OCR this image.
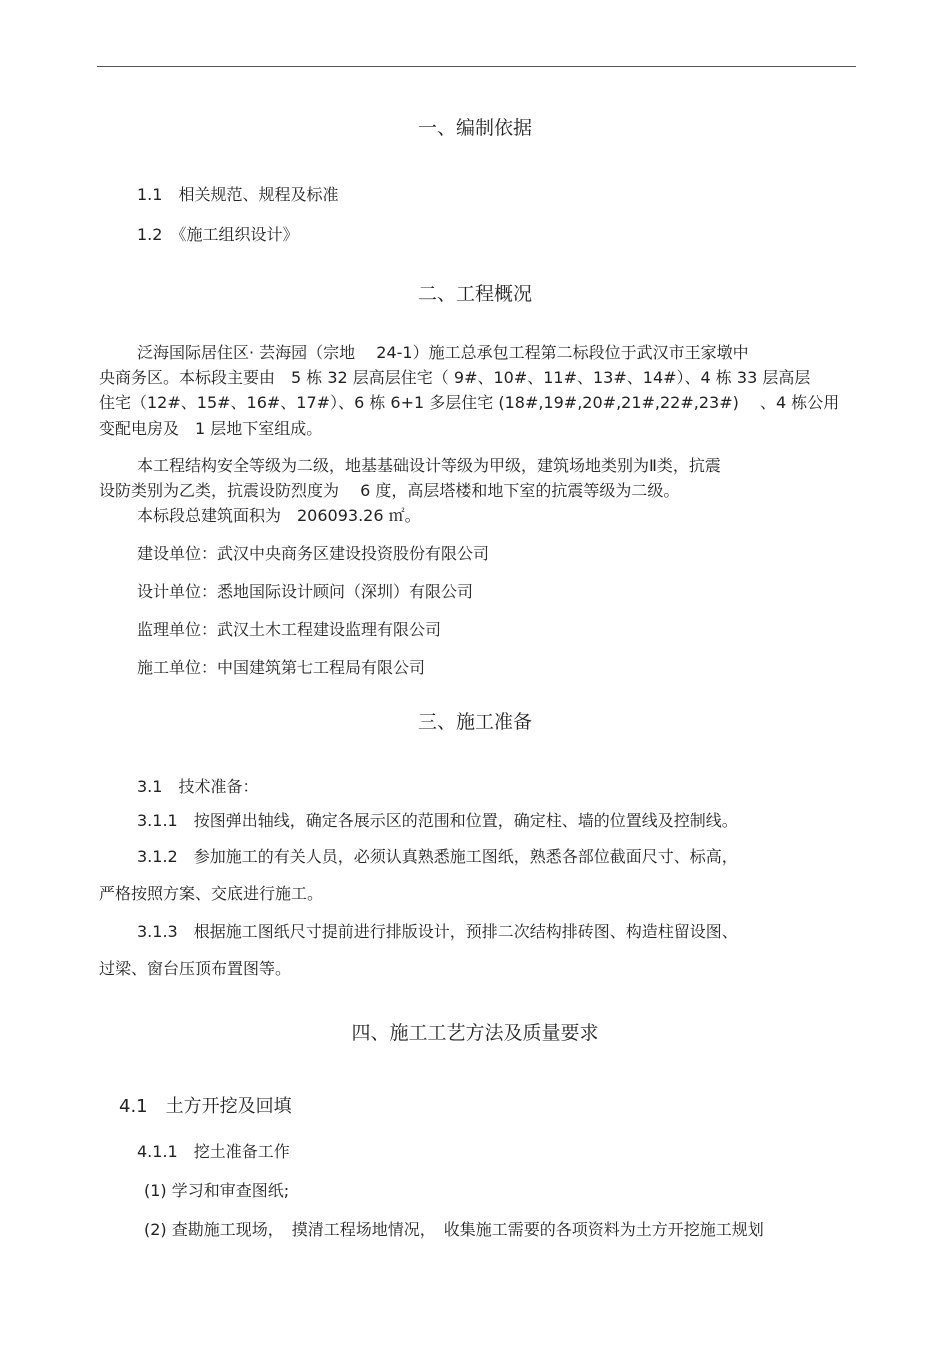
一、编制依据
1.1　相关规范、规程及标准
1.2　《施工组织设计》
二、工程概况
泛海国际居住区· 芸海园（宗地　 24-1）施工总承包工程第二标段位于武汉市王家墩中
央商务区。本标段主要由　5 栋 32 层高层住宅（ 9#、10#、11#、13#、14#）、4 栋 33 层高层
住宅（12#、15#、16#、17#）、6 栋 6+1 多层住宅 (18#,19#,20#,21#,22#,23#)　 、4 栋公用
变配电房及　1 层地下室组成。
本工程结构安全等级为二级，地基基础设计等级为甲级，建筑场地类别为Ⅱ类，抗震
设防类别为乙类，抗震设防烈度为　 6 度，高层塔楼和地下室的抗震等级为二级。
本标段总建筑面积为　206093.26 ㎡。
建设单位：武汉中央商务区建设投资股份有限公司
设计单位：悉地国际设计顾问（深圳）有限公司
监理单位：武汉土木工程建设监理有限公司
施工单位：中国建筑第七工程局有限公司
三、施工准备
3.1　技术准备：
3.1.1　按图弹出轴线，确定各展示区的范围和位置，确定柱、墙的位置线及控制线。
3.1.2　参加施工的有关人员，必须认真熟悉施工图纸，熟悉各部位截面尺寸、标高，
严格按照方案、交底进行施工。
3.1.3　根据施工图纸尺寸提前进行排版设计，预排二次结构排砖图、构造柱留设图、
过梁、窗台压顶布置图等。
四、施工工艺方法及质量要求
4.1　土方开挖及回填
4.1.1　挖土准备工作
(1) 学习和审查图纸;
(2) 查勘施工现场，　摸清工程场地情况，　收集施工需要的各项资料为土方开挖施工规划
